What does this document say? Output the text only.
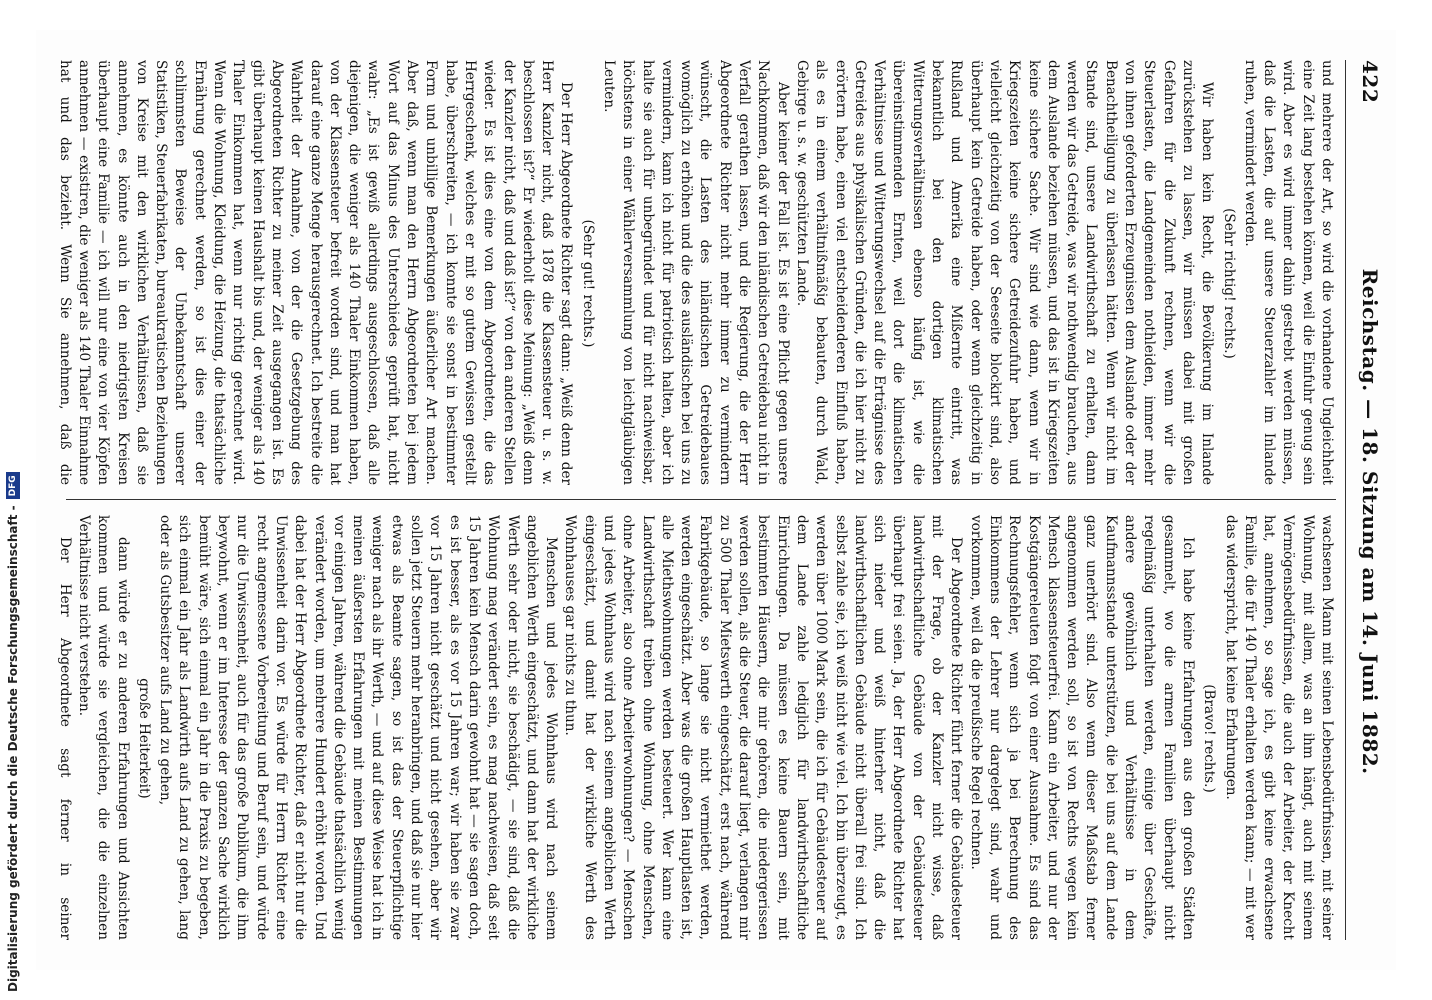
422
Reichstag. — 18. Sitzung am 14. Juni 1882.

und mehrere der Art, so wird die vorhandene Ungleichheit eine Zeit lang bestehen können, weil die Einfuhr genug sein wird. Aber es wird immer dahin gestrebt werden müssen, daß die Lasten, die auf unsere Steuerzahler im Inlande ruhen, vermindert werden.

(Sehr richtig! rechts.)

Wir haben kein Recht, die Bevölkerung im Inlande zurückstehen zu lassen, wir müssen dabei mit großen Gefahren für die Zukunft rechnen, wenn wir die Steuerlasten, die Landgemeinden nothleiden, immer mehr von ihnen geforderten Erzeugnissen dem Auslande oder der Benachtheiligung zu überlassen hätten. Wenn wir nicht im Stande sind, unsere Landwirthschaft zu erhalten, dann werden wir das Getreide, was wir nothwendig brauchen, aus dem Auslande beziehen müssen, und das ist in Kriegszeiten keine sichere Sache. Wir sind wie dann, wenn wir in Kriegszeiten keine sichere Getreidezufuhr haben, und vielleicht gleichzeitig von der Seeseite blockirt sind, also überhaupt kein Getreide haben, oder wenn gleichzeitig in Rußland und Amerika eine Mißernte eintritt, was bekanntlich bei den dortigen klimatischen Witterungsverhältnissen ebenso häufig ist, wie die übereinstimmenden Ernten, weil dort die klimatischen Verhältnisse und Witterungswechsel auf die Erträgnisse des Getreides aus physikalischen Gründen, die ich hier nicht zu erörtern habe, einen viel entscheidenderen Einfluß haben, als es in einem verhältnißmäßig bebauten, durch Wald, Gebirge u. s. w. geschützten Lande.

Aber keiner der Fall ist. Es ist eine Pflicht gegen unsere Nachkommen, daß wir den inländischen Getreidebau nicht in Verfall gerathen lassen, und die Regierung, die der Herr Abgeordnete Richter nicht mehr immer zu vermindern wünscht, die Lasten des inländischen Getreidebaues womöglich zu erhöhen und die des ausländischen bei uns zu vermindern, kann ich nicht für patriotisch halten, aber ich halte sie auch für unbegründet und für nicht nachweisbar, höchstens in einer Wählerversammlung von leichtgläubigen Leuten.

(Sehr gut! rechts.)

Der Herr Abgeordnete Richter sagt dann: „Weiß denn der Herr Kanzler nicht, daß 1878 die Klassensteuer u. s. w. beschlossen ist?“ Er wiederholt diese Meinung: „Weiß denn der Kanzler nicht, daß und daß ist?“ von den anderen Stellen wieder. Es ist dies eine von dem Abgeordneten, die das Herrgeschenk, welches er mit so gutem Gewissen gestellt habe, überschreiten, — ich konnte sie sonst in bestimmter Form und unbillige Bemerkungen äußerlicher Art machen. Aber daß, wenn man den Herrn Abgeordneten bei jedem Wort auf das Minus des Unterschiedes geprüft hat, nicht wahr: „Es ist gewiß allerdings ausgeschlossen, daß alle diejenigen, die weniger als 140 Thaler Einkommen haben, von der Klassensteuer befreit worden sind, und man hat darauf eine ganze Menge herausgerechnet. Ich bestreite die Wahrheit der Annahme, von der die Gesetzgebung des Abgeordneten Richter zu meiner Zeit ausgegangen ist. Es gibt überhaupt keinen Haushalt bis und, der weniger als 140 Thaler Einkommen hat, wenn nur richtig gerechnet wird. Wenn die Wohnung, Kleidung, die Heizung, die thatsächliche Ernährung gerechnet werden, so ist dies einer der schlimmsten Beweise der Unbekanntschaft unserer Statistiken, Steuerfabrikaten, bureaukratischen Beziehungen von Kreise mit den wirklichen Verhältnissen, daß sie annehmen, es könnte auch in den niedrigsten Kreisen überhaupt eine Familie — ich will nur eine von vier Köpfen annehmen — existiren, die weniger als 140 Thaler Einnahme hat und das bezieht. Wenn Sie annehmen, daß die

wachsenen Mann mit seinen Lebensbedürfnissen, mit seiner Wohnung, mit allem, was an ihm hängt, auch mit seinem Vermögensbedürfnissen, die auch der Arbeiter, der Knecht hat, annehmen, so sage ich, es gibt keine erwachsene Familie, die für 140 Thaler erhalten werden kann; — mit wer das widerspricht, hat keine Erfahrungen.

(Bravo! rechts.)

Ich habe keine Erfahrungen aus den großen Städten gesammelt, wo die armen Familien überhaupt nicht regelmäßig unterhalten werden, einige über Geschäfte, andere gewöhnlich und Verhältnisse in dem Kaufmannsstande unterstützen, die bei uns auf dem Lande ganz unerhört sind. Also wenn dieser Maßstab ferner angenommen werden soll, so ist von Rechts wegen kein Mensch klassensteuerfrei. Kann ein Arbeiter, und nur der Kostgängereleuten folgt von einer Ausnahme. Es sind das Rechnungsfehler, wenn sich ja bei Berechnung des Einkommens der Lehrer nur dargelegt sind, wahr und vorkommen, weil da die preußische Regel rechnen.

Der Abgeordnete Richter führt ferner die Gebäudesteuer mit der Frage, ob der Kanzler nicht wisse, daß landwirthschaftliche Gebäude von der Gebäudesteuer überhaupt frei seien. Ja, der Herr Abgeordnete Richter hat sich nieder und weiß hinterher nicht, daß die landwirthschaftlichen Gebäude nicht überall frei sind. Ich selbst zahle sie, ich weiß nicht wie viel. Ich bin überzeugt, es werden über 1000 Mark sein, die ich für Gebäudesteuer auf dem Lande zahle lediglich für landwirthschaftliche Einrichtungen. Da müssen es keine Bauern sein, mit bestimmten Häusern, die mir gehören, die niedergerissen werden sollen, als die Steuer, die darauf liegt, verlangen mir zu 500 Thaler Mietswerth eingeschätzt, erst nach, während Fabrikgebäude, so lange sie nicht vermiethet werden, werden eingeschätzt. Aber was die großen Hauptlasten ist, alle Miethswohnungen werden besteuert. Wer kann eine Landwirthschaft treiben ohne Wohnung, ohne Menschen, ohne Arbeiter, also ohne Arbeiterwohnungen? — Menschen und jedes Wohnhaus wird nach seinem angeblichen Werth eingeschätzt, und damit hat der wirkliche Werth des Wohnhauses gar nichts zu thun.

Menschen und jedes Wohnhaus wird nach seinem angeblichen Werth eingeschätzt, und dann hat der wirkliche Werth sehr oder nicht, sie beschädigt, — sie sind, daß die Wohnung mag verändert sein, es mag nachweisen, daß seit 15 Jahren kein Mensch darin gewohnt hat — sie sagen doch, es ist besser, als es vor 15 Jahren war; wir haben sie zwar vor 15 Jahren nicht geschätzt und nicht gesehen, aber wir sollen jetzt Steuern mehr heranbringen, und daß sie nur hier etwas als Beamte sagen, so ist das der Steuerpflichtige weniger nach als ihr Werth, — und auf diese Weise hat ich in meinen äußersten Erfahrungen mit meinen Bestimmungen vor einigen Jahren, während die Gebäude thatsächlich wenig verändert worden, um mehrere Hundert erhöht worden. Und dabei hat der Herr Abgeordnete Richter, daß er nicht nur die Unwissenheit darin vor. Es würde für Herrn Richter eine recht angemessene Vorbereitung und Beruf sein, und würde nur die Unwissenheit, auch für das große Publikum, die ihm beywohnt, wenn er im Interesse der ganzen Sache wirklich bemüht wäre, sich einmal ein Jahr in die Praxis zu begeben, sich einmal ein Jahr als Landwirth aufs Land zu gehen, lang oder als Gutsbesitzer aufs Land zu gehen,

große Heiterkeit)

dann würde er zu anderen Erfahrungen und Ansichten kommen und würde sie vergleichen, die die einzelnen Verhältnisse nicht verstehen.

Der Herr Abgeordnete sagt ferner in seiner

Digitalisierung gefördert durch die Deutsche Forschungsgemeinschaft -
DFG
